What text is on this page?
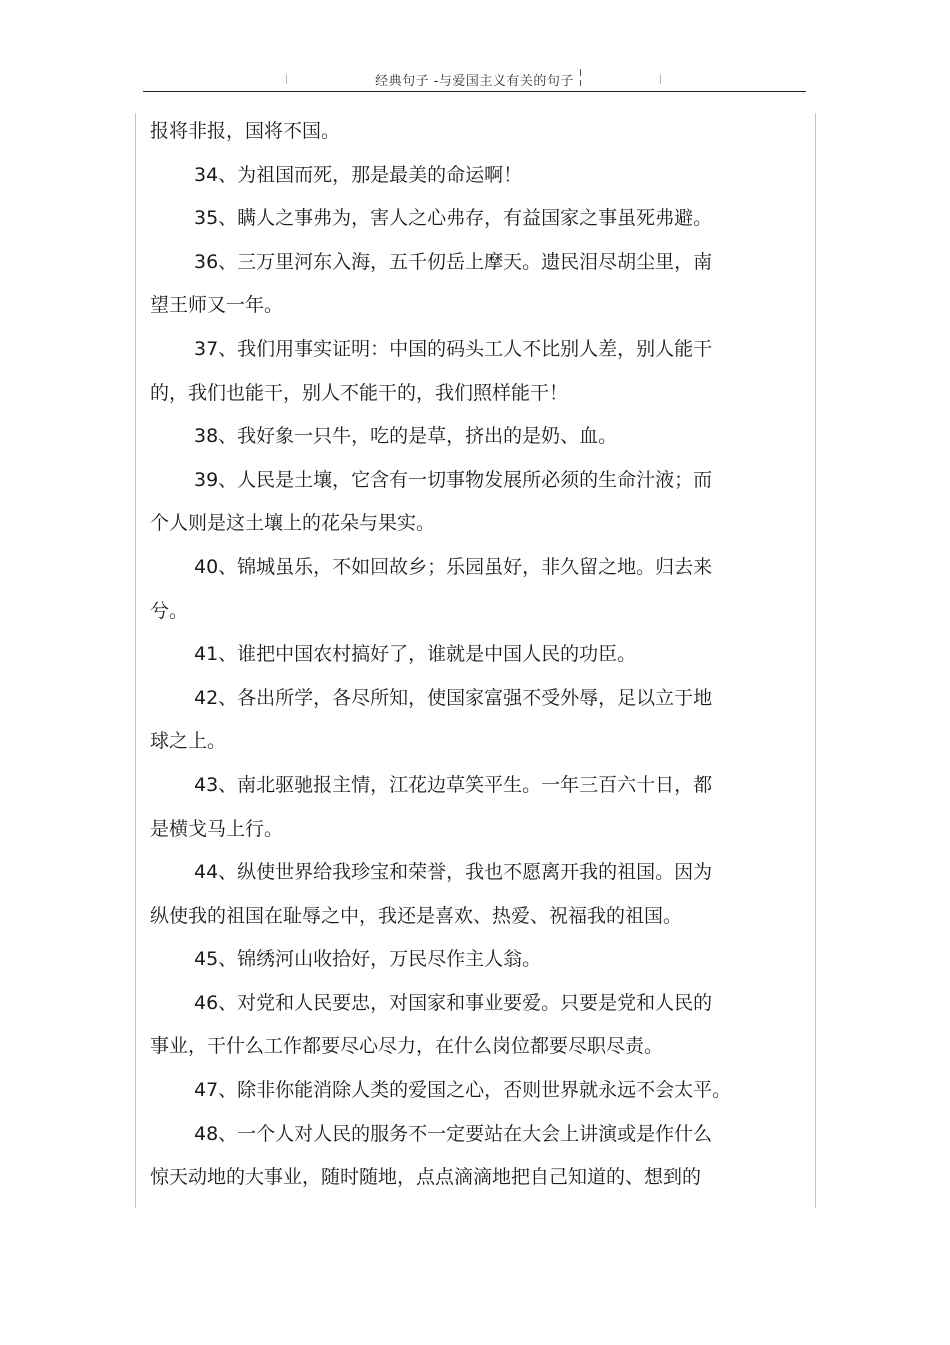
经典句子 -与爱国主义有关的句子
报将非报，国将不国。
34、为祖国而死，那是最美的命运啊！
35、瞒人之事弗为，害人之心弗存，有益国家之事虽死弗避。
36、三万里河东入海，五千仞岳上摩天。遗民泪尽胡尘里，南
望王师又一年。
37、我们用事实证明：中国的码头工人不比别人差，别人能干
的，我们也能干，别人不能干的，我们照样能干！
38、我好象一只牛，吃的是草，挤出的是奶、血。
39、人民是土壤，它含有一切事物发展所必须的生命汁液；而
个人则是这土壤上的花朵与果实。
40、锦城虽乐，不如回故乡；乐园虽好，非久留之地。归去来
兮。
41、谁把中国农村搞好了，谁就是中国人民的功臣。
42、各出所学，各尽所知，使国家富强不受外辱，足以立于地
球之上。
43、南北驱驰报主情，江花边草笑平生。一年三百六十日，都
是横戈马上行。
44、纵使世界给我珍宝和荣誉，我也不愿离开我的祖国。因为
纵使我的祖国在耻辱之中，我还是喜欢、热爱、祝福我的祖国。
45、锦绣河山收拾好，万民尽作主人翁。
46、对党和人民要忠，对国家和事业要爱。只要是党和人民的
事业，干什么工作都要尽心尽力，在什么岗位都要尽职尽责。
47、除非你能消除人类的爱国之心，否则世界就永远不会太平。
48、一个人对人民的服务不一定要站在大会上讲演或是作什么
惊天动地的大事业，随时随地，点点滴滴地把自己知道的、想到的
